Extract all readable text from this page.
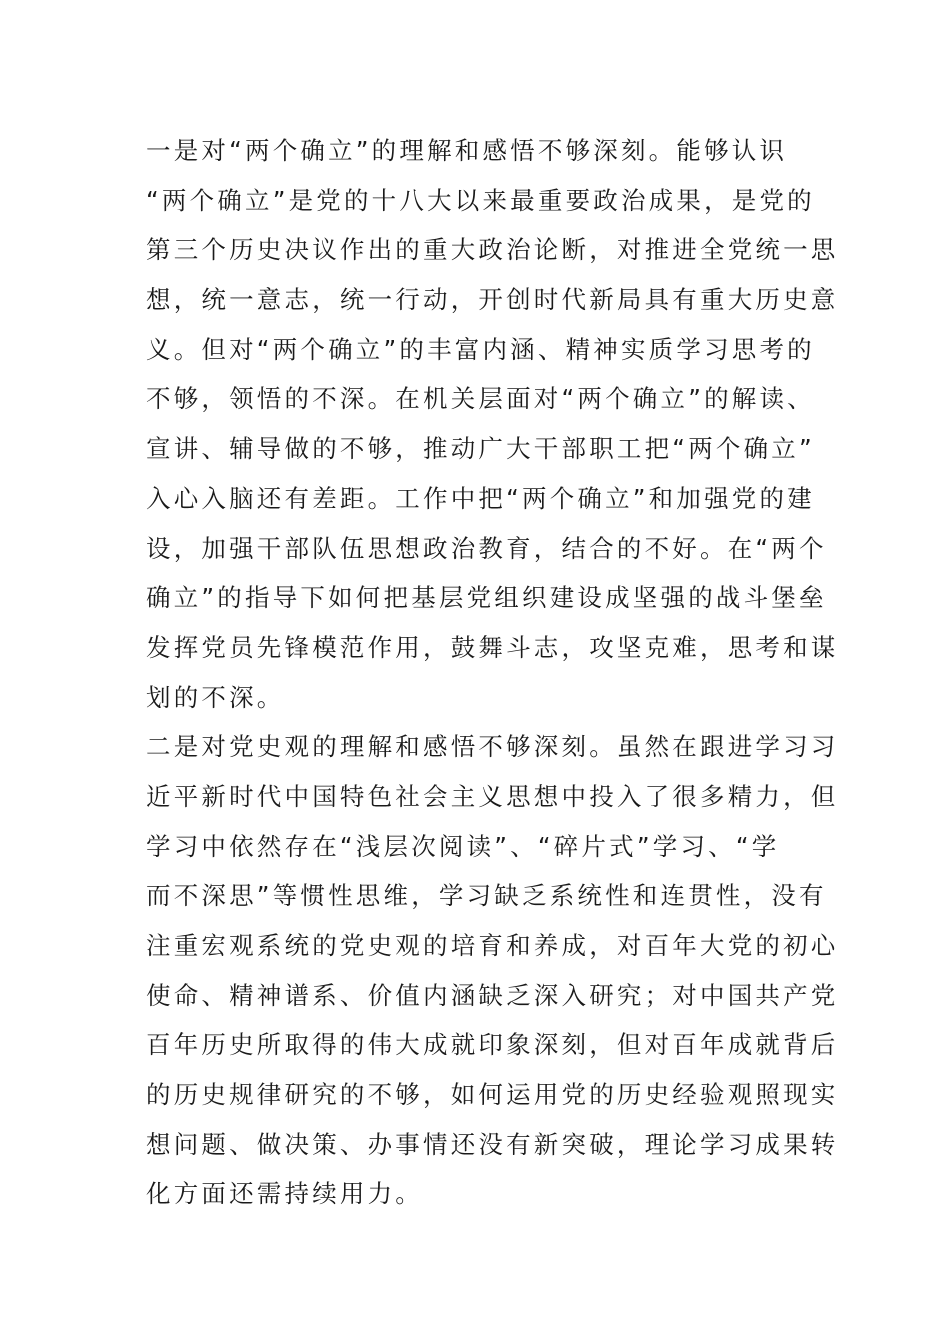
一是对“两个确立”的理解和感悟不够深刻。能够认识
“两个确立”是党的十八大以来最重要政治成果，是党的
第三个历史决议作出的重大政治论断，对推进全党统一思
想，统一意志，统一行动，开创时代新局具有重大历史意
义。但对“两个确立”的丰富内涵、精神实质学习思考的
不够，领悟的不深。在机关层面对“两个确立”的解读、
宣讲、辅导做的不够，推动广大干部职工把“两个确立”
入心入脑还有差距。工作中把“两个确立”和加强党的建
设，加强干部队伍思想政治教育，结合的不好。在“两个
确立”的指导下如何把基层党组织建设成坚强的战斗堡垒
发挥党员先锋模范作用，鼓舞斗志，攻坚克难，思考和谋
划的不深。
二是对党史观的理解和感悟不够深刻。虽然在跟进学习习
近平新时代中国特色社会主义思想中投入了很多精力，但
学习中依然存在“浅层次阅读”、“碎片式”学习、“学
而不深思”等惯性思维，学习缺乏系统性和连贯性，没有
注重宏观系统的党史观的培育和养成，对百年大党的初心
使命、精神谱系、价值内涵缺乏深入研究；对中国共产党
百年历史所取得的伟大成就印象深刻，但对百年成就背后
的历史规律研究的不够，如何运用党的历史经验观照现实
想问题、做决策、办事情还没有新突破，理论学习成果转
化方面还需持续用力。
